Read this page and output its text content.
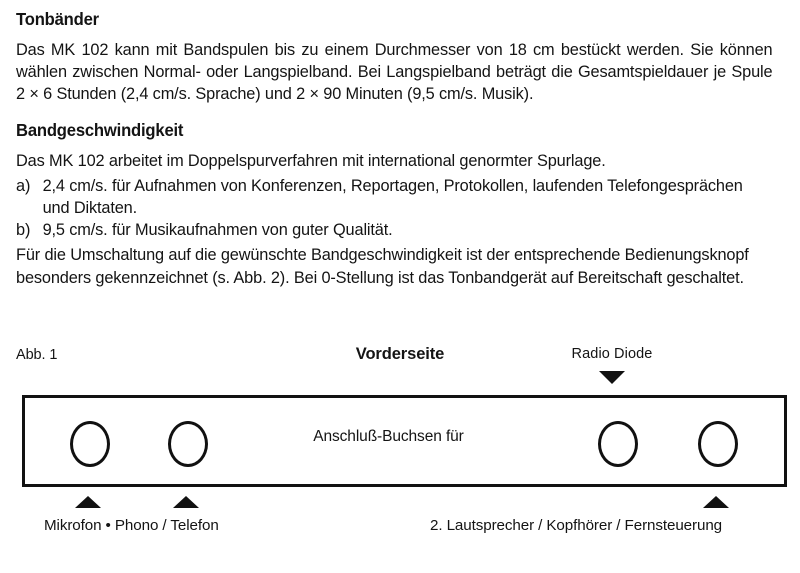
Tonbänder

Das MK 102 kann mit Bandspulen bis zu einem Durchmesser von 18 cm bestückt werden. Sie können wählen zwischen Normal- oder Langspielband. Bei Langspielband beträgt die Gesamtspieldauer je Spule 2 × 6 Stunden (2,4 cm/s. Sprache) und 2 × 90 Minuten (9,5 cm/s. Musik).

Bandgeschwindigkeit

Das MK 102 arbeitet im Doppelspurverfahren mit international genormter Spurlage.

a) 2,4 cm/s. für Aufnahmen von Konferenzen, Reportagen, Protokollen, laufenden Telefongesprächen und Diktaten.
b) 9,5 cm/s. für Musikaufnahmen von guter Qualität.

Für die Umschaltung auf die gewünschte Bandgeschwindigkeit ist der entsprechende Bedienungsknopf besonders gekennzeichnet (s. Abb. 2). Bei 0-Stellung ist das Tonbandgerät auf Bereitschaft geschaltet.

Abb. 1	Vorderseite	Radio Diode
Anschluß-Buchsen für
Mikrofon • Phono / Telefon	2. Lautsprecher / Kopfhörer / Fernsteuerung
